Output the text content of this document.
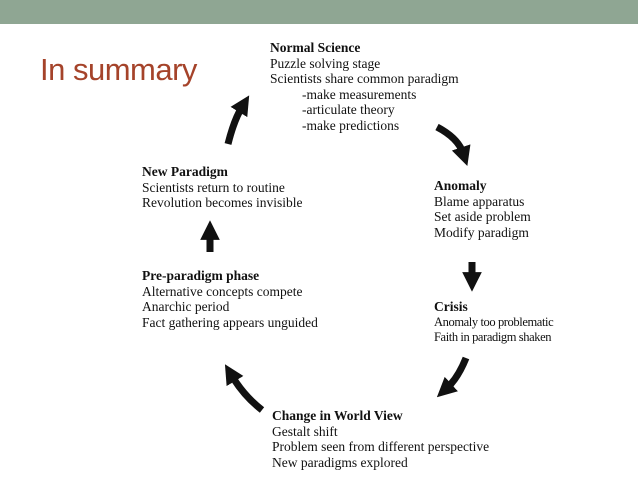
In summary
Normal Science
Puzzle solving stage
Scientists share common paradigm
-make measurements
-articulate theory
-make predictions
Anomaly
Blame apparatus
Set aside problem
Modify paradigm
Crisis
Anomaly too problematic
Faith in paradigm shaken
Change in World View
Gestalt shift
Problem seen from different perspective
New paradigms explored
Pre-paradigm phase
Alternative concepts compete
Anarchic period
Fact gathering appears unguided
New Paradigm
Scientists return to routine
Revolution becomes invisible
